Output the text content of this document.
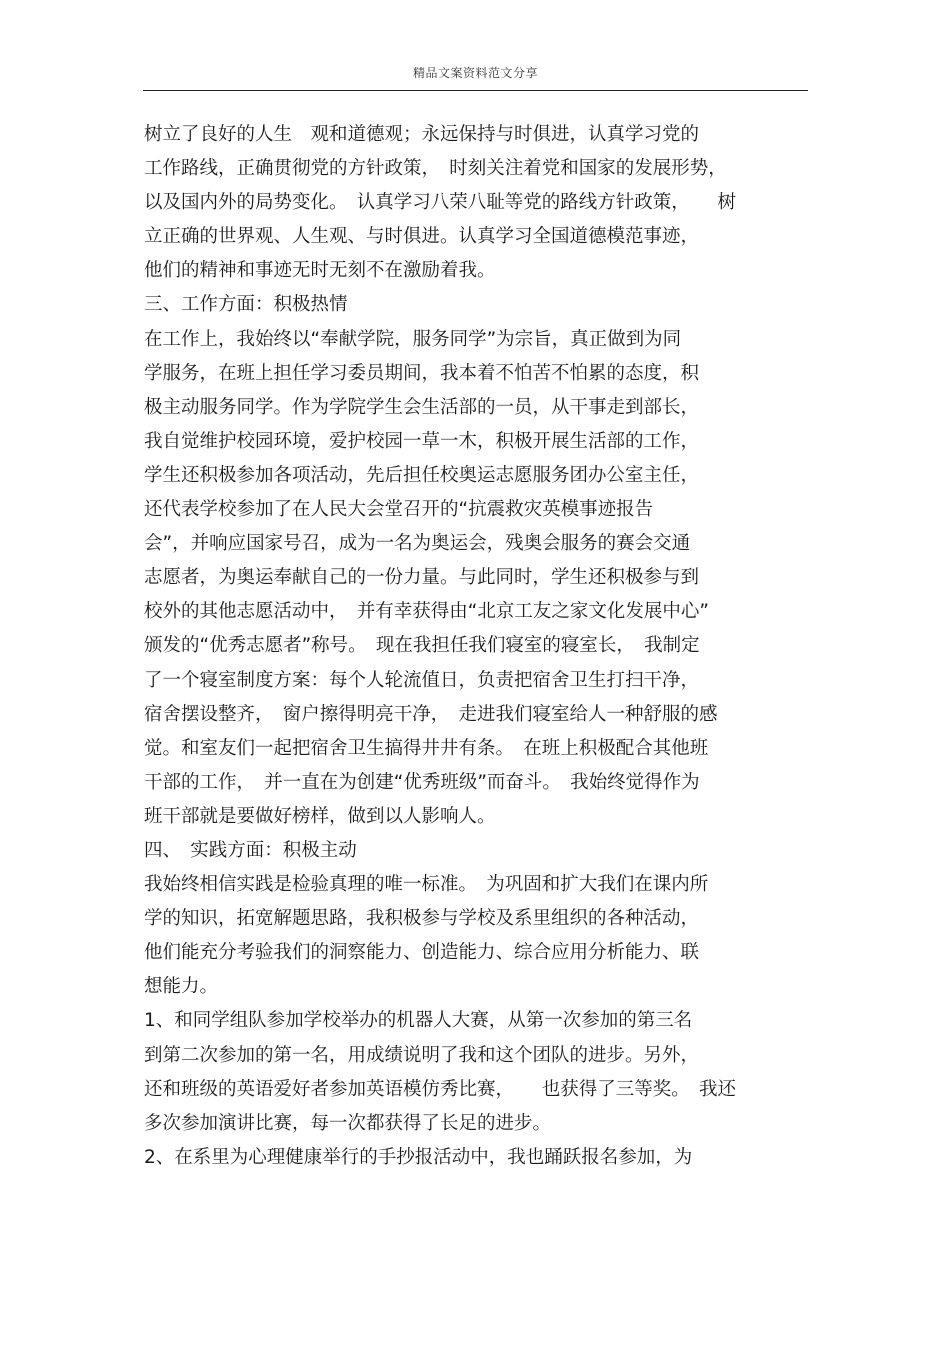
精品文案资料范文分享
树立了良好的人生　观和道德观；永远保持与时俱进，认真学习党的
工作路线，正确贯彻党的方针政策，　时刻关注着党和国家的发展形势，
以及国内外的局势变化。　认真学习八荣八耻等党的路线方针政策，　　树
立正确的世界观、人生观、与时俱进。认真学习全国道德模范事迹，
他们的精神和事迹无时无刻不在激励着我。
三、工作方面：积极热情
在工作上，我始终以“奉献学院，服务同学”为宗旨，真正做到为同
学服务，在班上担任学习委员期间，我本着不怕苦不怕累的态度，积
极主动服务同学。作为学院学生会生活部的一员，从干事走到部长，
我自觉维护校园环境，爱护校园一草一木，积极开展生活部的工作，
学生还积极参加各项活动，先后担任校奥运志愿服务团办公室主任，
还代表学校参加了在人民大会堂召开的“抗震救灾英模事迹报告
会”，并响应国家号召，成为一名为奥运会，残奥会服务的赛会交通
志愿者，为奥运奉献自己的一份力量。与此同时，学生还积极参与到
校外的其他志愿活动中，　并有幸获得由“北京工友之家文化发展中心”
颁发的“优秀志愿者”称号。　现在我担任我们寝室的寝室长，　我制定
了一个寝室制度方案：每个人轮流值日，负责把宿舍卫生打扫干净，
宿舍摆设整齐，　窗户擦得明亮干净，　走进我们寝室给人一种舒服的感
觉。和室友们一起把宿舍卫生搞得井井有条。　在班上积极配合其他班
干部的工作，　并一直在为创建“优秀班级”而奋斗。　我始终觉得作为
班干部就是要做好榜样，做到以人影响人。
四、　实践方面：积极主动
我始终相信实践是检验真理的唯一标准。　为巩固和扩大我们在课内所
学的知识，拓宽解题思路，我积极参与学校及系里组织的各种活动，
他们能充分考验我们的洞察能力、创造能力、综合应用分析能力、联
想能力。
1、和同学组队参加学校举办的机器人大赛，从第一次参加的第三名
到第二次参加的第一名，用成绩说明了我和这个团队的进步。另外，
还和班级的英语爱好者参加英语模仿秀比赛，　　也获得了三等奖。　我还
多次参加演讲比赛，每一次都获得了长足的进步。
2、在系里为心理健康举行的手抄报活动中，我也踊跃报名参加，为
